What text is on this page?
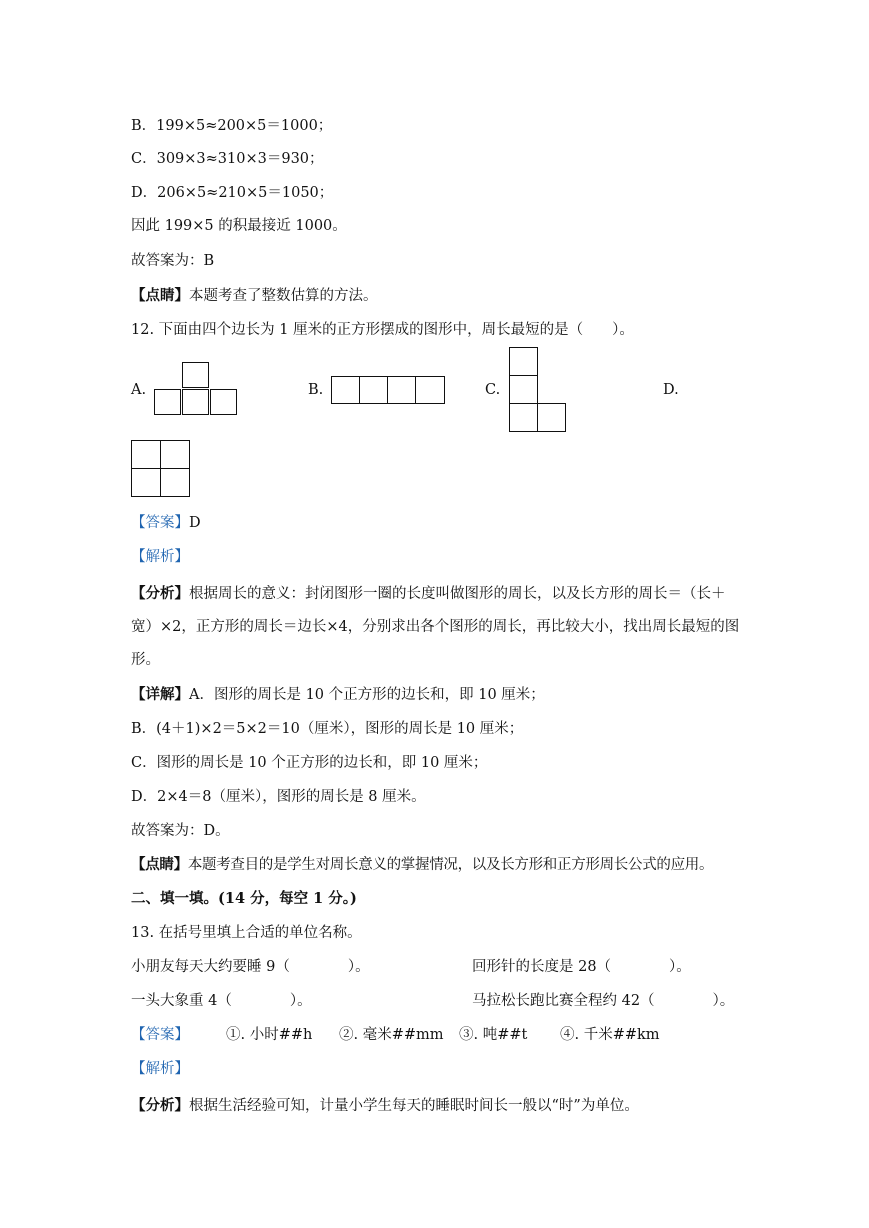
B．199×5≈200×5＝1000；
C．309×3≈310×3＝930；
D．206×5≈210×5＝1050；
因此 199×5 的积最接近 1000。
故答案为：B
【点睛】本题考查了整数估算的方法。
12. 下面由四个边长为 1 厘米的正方形摆成的图形中，周长最短的是（　　）。
A.	B.	C.	D.
【答案】D
【解析】
【分析】根据周长的意义：封闭图形一圈的长度叫做图形的周长，以及长方形的周长＝（长＋宽）×2，正方形的周长＝边长×4，分别求出各个图形的周长，再比较大小，找出周长最短的图形。
【详解】A．图形的周长是 10 个正方形的边长和，即 10 厘米；
B．(4＋1)×2＝5×2＝10（厘米），图形的周长是 10 厘米；
C．图形的周长是 10 个正方形的边长和，即 10 厘米；
D．2×4＝8（厘米），图形的周长是 8 厘米。
故答案为：D。
【点睛】本题考查目的是学生对周长意义的掌握情况，以及长方形和正方形周长公式的应用。
二、填一填。(14 分，每空 1 分。)
13. 在括号里填上合适的单位名称。
小朋友每天大约要睡 9（　　　　）。	回形针的长度是 28（　　　　）。
一头大象重 4（　　　　）。	马拉松长跑比赛全程约 42（　　　　）。
【答案】	①. 小时##h ②. 毫米##mm ③. 吨##t ④. 千米##km
【解析】
【分析】根据生活经验可知，计量小学生每天的睡眠时间长一般以“时”为单位。
